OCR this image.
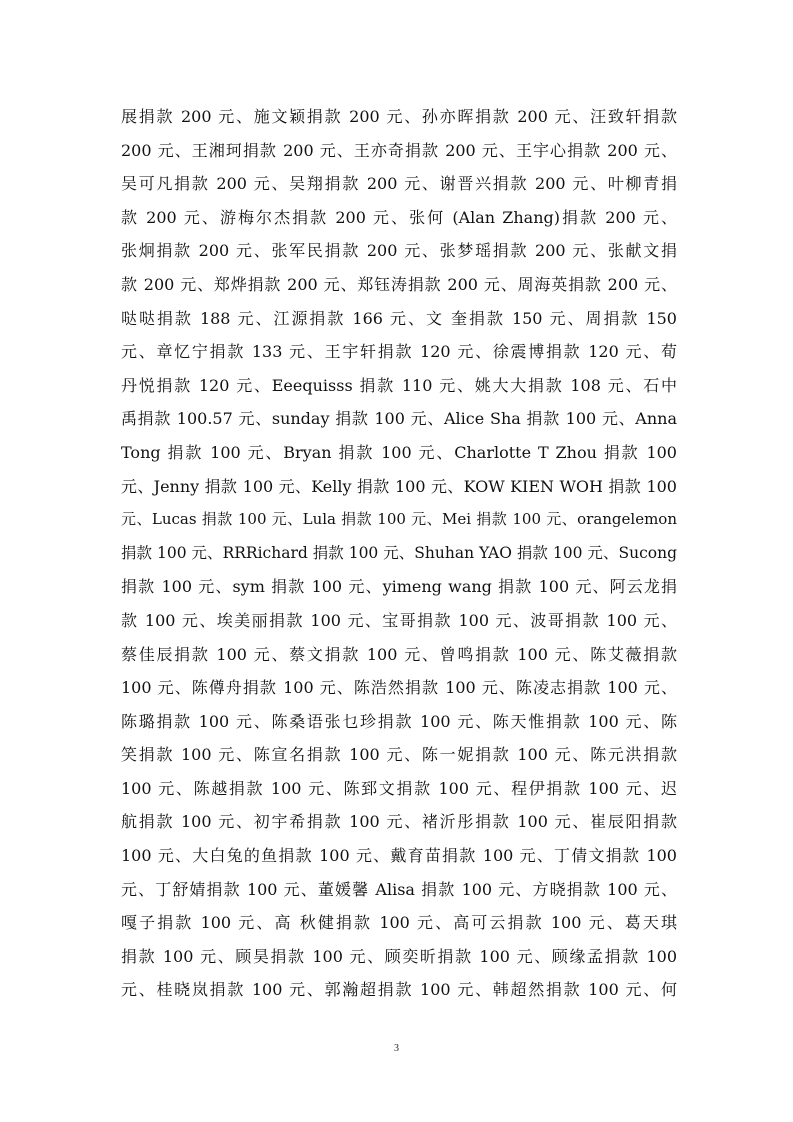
展捐款 200 元、施文颖捐款 200 元、孙亦晖捐款 200 元、汪致轩捐款
200 元、王湘珂捐款 200 元、王亦奇捐款 200 元、王宇心捐款 200 元、
吴可凡捐款 200 元、吴翔捐款 200 元、谢晋兴捐款 200 元、叶柳青捐
款 200 元、游梅尔杰捐款 200 元、张何 (Alan Zhang)捐款 200 元、
张炯捐款 200 元、张军民捐款 200 元、张梦瑶捐款 200 元、张献文捐
款 200 元、郑烨捐款 200 元、郑钰涛捐款 200 元、周海英捐款 200 元、
哒哒捐款 188 元、江源捐款 166 元、文 奎捐款 150 元、周捐款 150
元、章忆宁捐款 133 元、王宇轩捐款 120 元、徐震博捐款 120 元、荀
丹悦捐款 120 元、Eeequisss 捐款 110 元、姚大大捐款 108 元、石中
禹捐款 100.57 元、sunday 捐款 100 元、Alice Sha 捐款 100 元、Anna
Tong 捐款 100 元、Bryan 捐款 100 元、Charlotte T Zhou 捐款 100
元、Jenny 捐款 100 元、Kelly 捐款 100 元、KOW KIEN WOH 捐款 100
元、Lucas 捐款 100 元、Lula 捐款 100 元、Mei 捐款 100 元、orangelemon
捐款 100 元、RRRichard 捐款 100 元、Shuhan YAO 捐款 100 元、Sucong
捐款 100 元、sym 捐款 100 元、yimeng wang 捐款 100 元、阿云龙捐
款 100 元、埃美丽捐款 100 元、宝哥捐款 100 元、波哥捐款 100 元、
蔡佳辰捐款 100 元、蔡文捐款 100 元、曾鸣捐款 100 元、陈艾薇捐款
100 元、陈僔舟捐款 100 元、陈浩然捐款 100 元、陈凌志捐款 100 元、
陈璐捐款 100 元、陈桑语张乜珍捐款 100 元、陈天惟捐款 100 元、陈
笑捐款 100 元、陈宣名捐款 100 元、陈一妮捐款 100 元、陈元洪捐款
100 元、陈越捐款 100 元、陈郅文捐款 100 元、程伊捐款 100 元、迟
航捐款 100 元、初宇希捐款 100 元、褚沂彤捐款 100 元、崔辰阳捐款
100 元、大白兔的鱼捐款 100 元、戴育苗捐款 100 元、丁倩文捐款 100
元、丁舒婧捐款 100 元、董媛馨 Alisa 捐款 100 元、方晓捐款 100 元、
嘎子捐款 100 元、高 秋健捐款 100 元、高可云捐款 100 元、葛天琪
捐款 100 元、顾昊捐款 100 元、顾奕昕捐款 100 元、顾缘孟捐款 100
元、桂晓岚捐款 100 元、郭瀚超捐款 100 元、韩超然捐款 100 元、何
3
